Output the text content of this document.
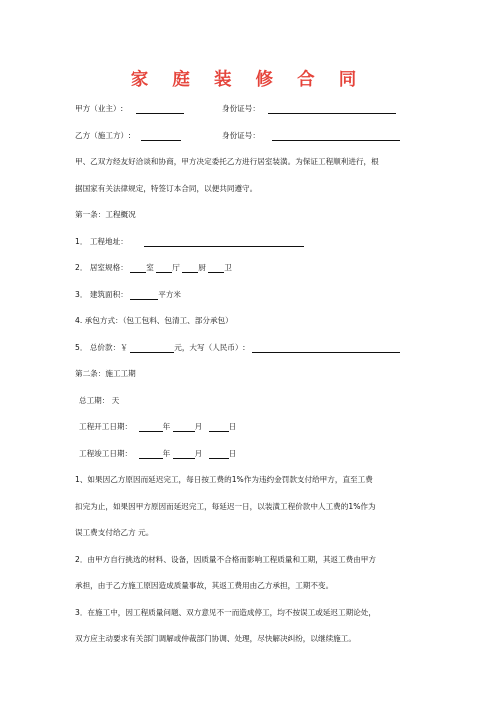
家 庭 装 修 合 同
甲方（业主）:	身份证号：
乙方（施工方）:	身份证号：
甲、乙双方经友好洽谈和协商，甲方决定委托乙方进行居室装潢。为保证工程顺利进行，根
据国家有关法律规定，特签订本合同，以便共同遵守。
第一条：工程概况
1． 工程地址：
2． 居室规格： 室 厅 厨 卫
3． 建筑面积：	平方米
4. 承包方式：（包工包料、包清工、部分承包）
5． 总价款：￥	元，大写（人民币）:
第二条：施工工期
总工期： 天
工程开工日期：	年	月	日
工程竣工日期：	年	月	日
1、如果因乙方原因而延迟完工，每日按工费的1%作为违约金罚款支付给甲方，直至工费
扣完为止，如果因甲方原因而延迟完工，每延迟一日，以装潢工程价款中人工费的1%作为
误工费支付给乙方 元。
2．由甲方自行挑选的材料、设备，因质量不合格而影响工程质量和工期，其返工费由甲方
承担，由于乙方施工原因造成质量事故，其返工费用由乙方承担，工期不变。
3．在施工中，因工程质量问题、双方意见不一而造成停工，均不按误工或延迟工期论处，
双方应主动要求有关部门调解或仲裁部门协调、处理，尽快解决纠纷，以继续施工。
